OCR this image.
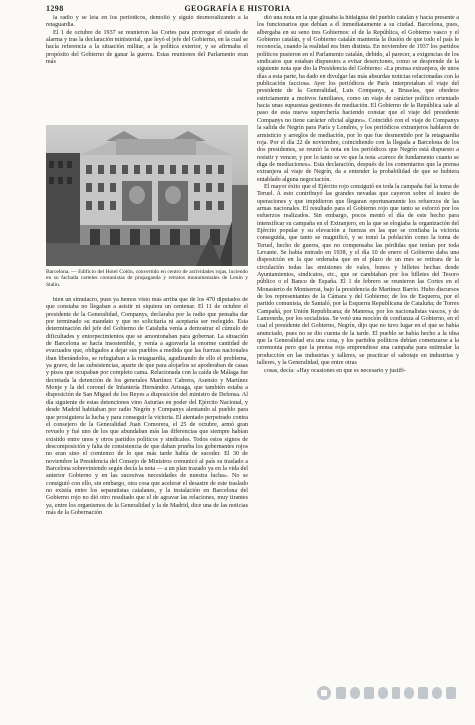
1298	GEOGRAFÍA E HISTORIA

la radio y se leía en los periódicos, demolió y siguió desmoralizando a la retaguardia.

El 1 de octubre de 1937 se reunieron las Cortes para prorrogar el estado de alarma y tras la declaración ministerial, que leyó el jefe del Gobierno, en la cual se hacía referencia a la situación militar, a la política exterior, y se afirmaba el propósito del Gobierno de ganar la guerra. Estas reuniones del Parlamento eran más

bien un simulacro, pues ya hemos visto más arriba que de los 470 diputados de que constaba no llegaban a asistir ni siquiera un centenar. El 11 de octubre el presidente de la Generalidad, Companys, declaraba por la radio que pensaba dar por terminado su mandato y que no solicitaría ni aceptaría ser reelegido. Esta determinación del jefe del Gobierno de Cataluña venía a demostrar el cúmulo de dificultades y entorpecimientos que se amontonaban para gobernar. La situación de Barcelona se hacía insostenible, y venía a agravarla la enorme cantidad de evacuados que, obligados a dejar sus pueblos a medida que las fuerzas nacionales iban liberándolos, se refugiaban a la retaguardia, agudizando de ello el problema, ya grave, de las subsistencias, aparte de que para alojarlos se apoderaban de casas y pisos que ocupaban por completo cama. Relacionada con la caída de Málaga fue decretada la detención de los generales Martínez Cabrera, Asensio y Martínez Monje y la del coronel de Infantería Hernández Arteaga, que también estaba a disposición de San Miguel de los Reyes a disposición del ministro de Defensa. Al día siguiente de estas detenciones vino Asturias en poder del Ejército Nacional, y desde Madrid habitaban por radio Negrín y Companys alentando al pueblo para que prosiguiera la lucha y para conseguir la victoria. El atentado perpetrado contra el consejero de la Generalidad Juan Comorera, el 25 de octubre, armó gran revuelo y fué uno de los que abundaban más las diferencias que siempre habían existido entre unos y otros partidos políticos y sindicales. Todos estos signos de descomposición y falta de consistencia de que daban prueba los gobernantes rojos no eran sino el comienzo de lo que más tarde había de suceder. El 30 de noviembre la Presidencia del Consejo de Ministros comunicó al país su traslado a Barcelona sobreviniendo según decía la nota — a un plan trazado ya en la vida del anterior Gobierno y en las sucesivas necesidades de nuestra lucha». No se consiguió con ello, sin embargo, otra cosa que acelerar el desastre de este traslado no existía entre los separatistas catalanes, y la instalación en Barcelona del Gobierno rojo no dió otro resultado que el de agravar las relaciones, muy tirantes ya, entre los organismos de la Generalidad y la de Madrid, dice una de las noticias más de la Gobernación

Barcelona. — Edificio del Hotel Colón, convertido en centro de actividades rojas, luciendo en su fachada carteles comunistas de propaganda y retratos monumentales de Lenin y Stalin.

dió una nota en la que glosaba la hidalguía del pueblo catalán y hacía presente a los funcionarios que debían a él inmediatamente a su ciudad. Barcelona, pues, albergaba en su seno tres Gobiernos: el de la República, el Gobierno vasco y el Gobierno catalán, y el Gobierno catalán mantenía la ilusión de que todo el país le reconocía, cuando la realidad era bien distinta. En noviembre de 1937 los partidos políticos pusieron en el Parlamento catalán, debido, al parecer, a exigencias de los sindicatos que estaban dispuestos a evitar deserciones, como se desprende de la siguiente nota que dio la Presidencia del Gobierno: «La prensa extranjera, de unos días a esta parte, ha dado en divulgar las más absurdas noticias relacionadas con la publicación facciosa. Ayer los periódicos de París interpretaban el viaje del presidente de la Generalidad, Luis Companys, a Bruselas, que obedece estrictamente a motivos familiares, como un viaje de carácter político orientado hacia unas supuestas gestiones de mediación. El Gobierno de la República sale al paso de esta nueva superchería haciendo constar que el viaje del presidente Companys no tiene carácter oficial alguno». Coincidió con el viaje de Companys la salida de Negrín para París y Londres, y los periódicos extranjeros hablaron de armisticio y arreglos de mediación, por lo que fue desmentido por la retaguardia roja. Por el día 22 de noviembre, coincidiendo con la llegada a Barcelona de los dos presidentes, se reunió la nota en los periódicos que Negrín está dispuesto a resistir y vencer, y por lo tanto se ve que la nota «carece de fundamento cuanto se diga de mediaciones». Esta declaración, después de los comentarios que la prensa extranjera al viaje de Negrín, da a entender la probabilidad de que se hubiera entablado alguna negociación.

El mayor éxito que el Ejército rojo consiguió en toda la campaña fué la toma de Teruel. A esto contribuyó las grandes nevadas que cayeron sobre el teatro de operaciones y que impidieron que llegaran oportunamente los refuerzos de las armas nacionales. El resultado para el Gobierno rojo que tanto se esforzó por los esfuerzos realizados. Sin embargo, pocos mentó el día de este hecho para intensificar su campaña en el Extranjero, en la que se elogiaba la organización del Ejército popular y su elevación a fuerzas en las que se confiaba la victoria conseguida, que tanto se magnificó, y se tomó la población como la toma de Teruel, hecho de guerra, que no compensaba las pérdidas que tenían por toda Levante. Se había entrado en 1938, y el día 10 de enero el Gobierno daba una disposición en la que ordenaba que en el plazo de un mes se retirara de la circulación todas las emisiones de vales, bonos y billetes hechas desde Ayuntamientos, sindicatos, etc., que se cambiaban por los billetes del Tesoro público o el Banco de España. El 1 de febrero se reunieron las Cortes en el Monasterio de Montserrat, bajo la presidencia de Martínez Barrio. Hubo discursos de los representantes de la Cámara y del Gobierno; de los de Esquerra, por el partido comunista, de Santaló, por la Esquerra Republicana de Cataluña; de Torres Campañá, por Unión Republicana; de Manresa, por los nacionalistas vascos, y de Lamoneda, por los socialistas. Se votó una moción de confianza al Gobierno, en el cual el presidente del Gobierno, Negrín, dijo que no tuvo lugar en el que se había anunciado, pues no se dio cuenta de la tarde. El pueblo se había hecho a la idea que la Generalidad era una cosa, y los partidos políticos debían comenzarse a la ceremonia pero que la prensa roja emprendiese una campaña para estimular la producción en las industrias y talleres, se practicar el sabotaje en industrias y talleres, y la Generalidad, que entre otras

cosas, decía: «Hay ocasiones en que es necesario y justifi-
